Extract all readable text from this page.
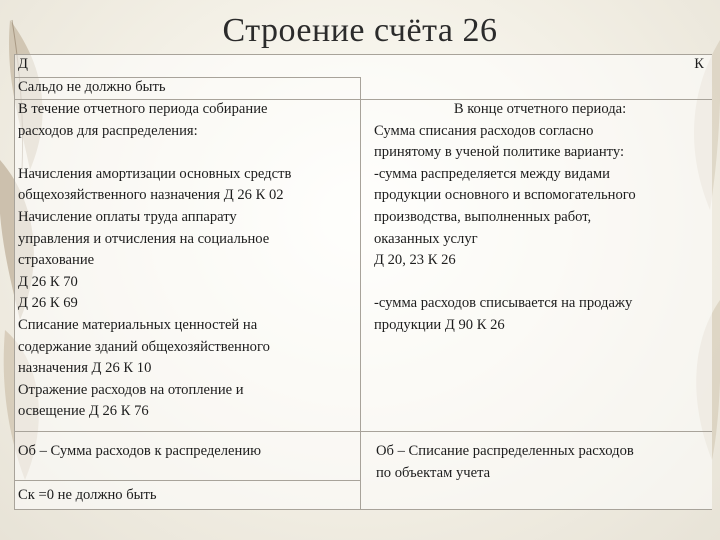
Строение счёта 26
Д	К
Сальдо не должно быть
В течение отчетного периода собирание
расходов для распределения:
Начисления амортизации основных средств
общехозяйственного назначения Д 26 К 02
Начисление оплаты труда аппарату
управления и отчисления на социальное
страхование
Д 26 К 70
Д 26 К 69
Списание материальных ценностей на
содержание зданий общехозяйственного
назначения Д 26 К 10
Отражение расходов на отопление и
освещение Д 26 К 76
В конце отчетного периода:
Сумма списания расходов согласно
принятому в ученой политике варианту:
-сумма распределяется между видами
продукции основного и вспомогательного
производства, выполненных работ,
оказанных услуг
Д 20, 23 К 26
-сумма расходов списывается на продажу
продукции Д 90 К 26
Об – Сумма расходов к распределению	Об – Списание распределенных расходов
по объектам учета
Ск =0 не должно быть
